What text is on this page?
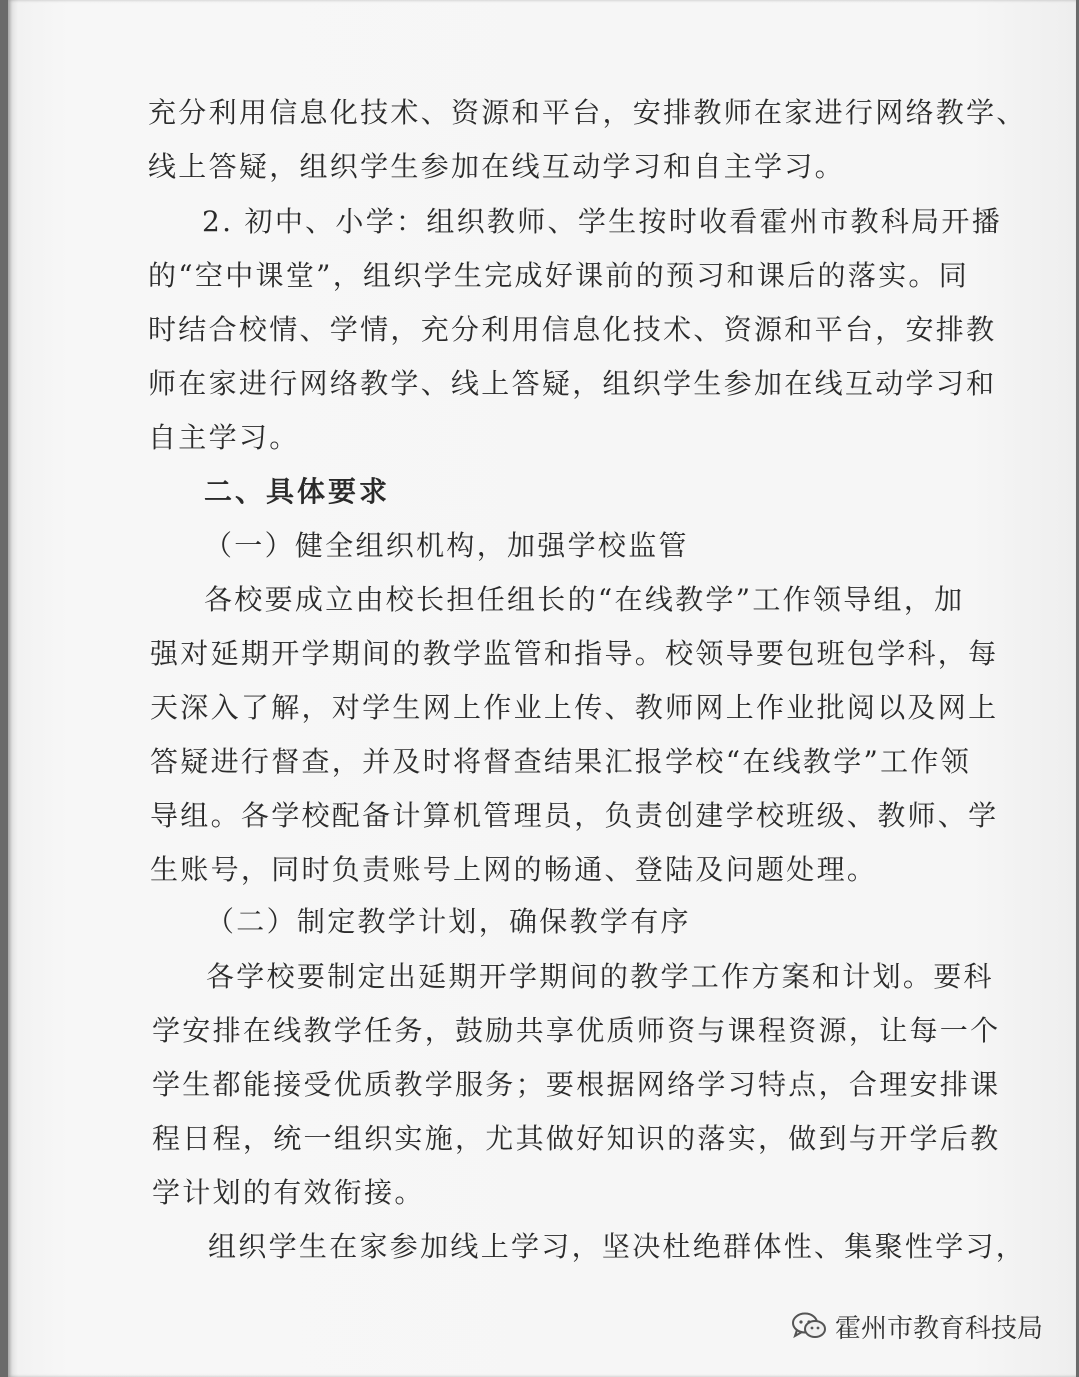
充分利用信息化技术、资源和平台，安排教师在家进行网络教学、
线上答疑，组织学生参加在线互动学习和自主学习。
2. 初中、小学：组织教师、学生按时收看霍州市教科局开播
的“空中课堂”，组织学生完成好课前的预习和课后的落实。同
时结合校情、学情，充分利用信息化技术、资源和平台，安排教
师在家进行网络教学、线上答疑，组织学生参加在线互动学习和
自主学习。
二、具体要求
（一）健全组织机构，加强学校监管
各校要成立由校长担任组长的“在线教学”工作领导组，加
强对延期开学期间的教学监管和指导。校领导要包班包学科，每
天深入了解，对学生网上作业上传、教师网上作业批阅以及网上
答疑进行督查，并及时将督查结果汇报学校“在线教学”工作领
导组。各学校配备计算机管理员，负责创建学校班级、教师、学
生账号，同时负责账号上网的畅通、登陆及问题处理。
（二）制定教学计划，确保教学有序
各学校要制定出延期开学期间的教学工作方案和计划。要科
学安排在线教学任务，鼓励共享优质师资与课程资源，让每一个
学生都能接受优质教学服务；要根据网络学习特点，合理安排课
程日程，统一组织实施，尤其做好知识的落实，做到与开学后教
学计划的有效衔接。
组织学生在家参加线上学习，坚决杜绝群体性、集聚性学习，
霍州市教育科技局
